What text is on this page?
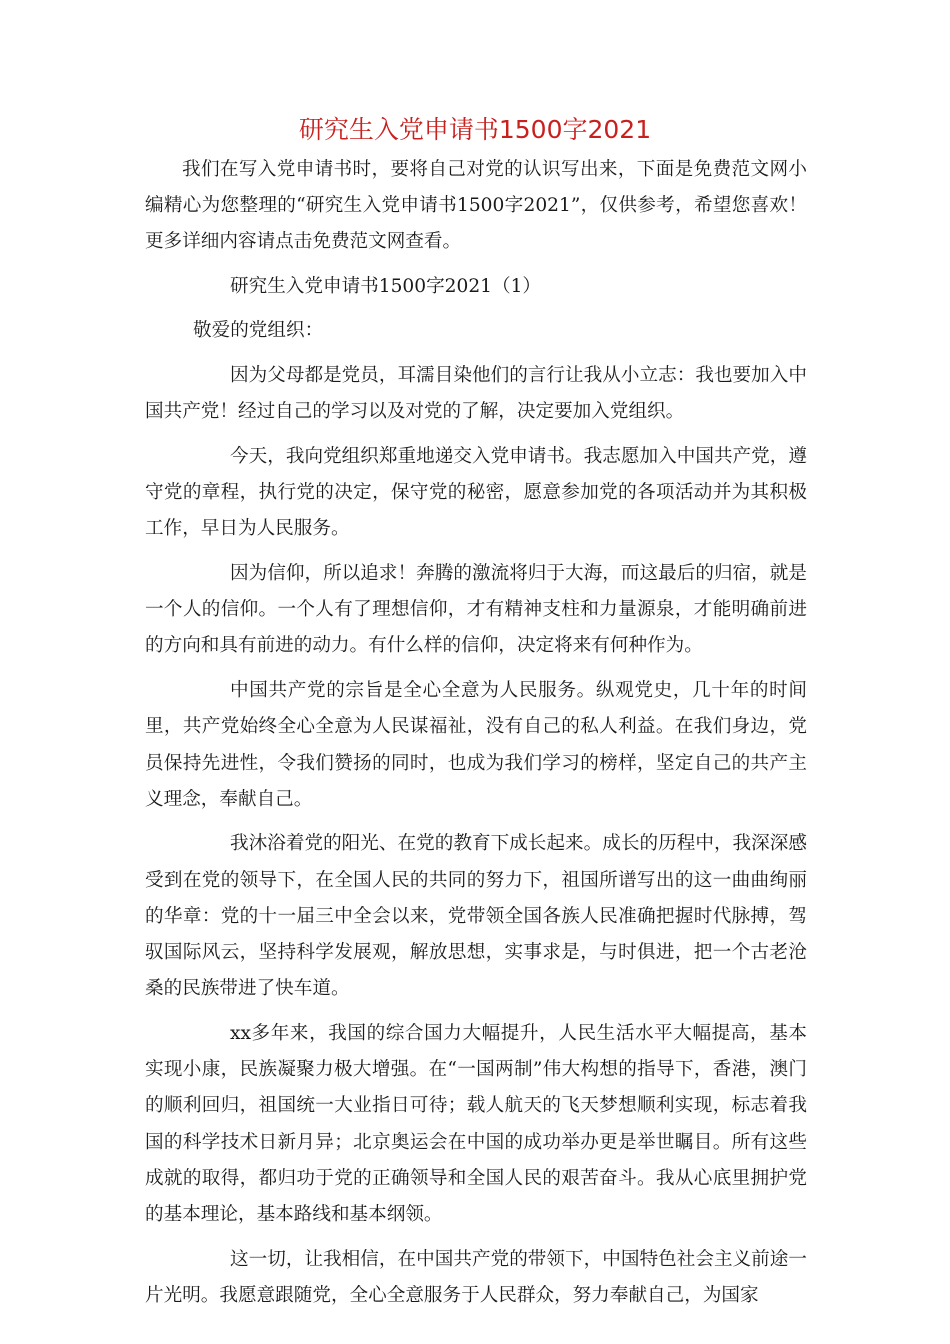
研究生入党申请书1500字2021

我们在写入党申请书时，要将自己对党的认识写出来，下面是免费范文网小编精心为您整理的“研究生入党申请书1500字2021”，仅供参考，希望您喜欢！更多详细内容请点击免费范文网查看。

研究生入党申请书1500字2021（1）

敬爱的党组织：

因为父母都是党员，耳濡目染他们的言行让我从小立志：我也要加入中国共产党！经过自己的学习以及对党的了解，决定要加入党组织。

今天，我向党组织郑重地递交入党申请书。我志愿加入中国共产党，遵守党的章程，执行党的决定，保守党的秘密，愿意参加党的各项活动并为其积极工作，早日为人民服务。

因为信仰，所以追求！奔腾的激流将归于大海，而这最后的归宿，就是一个人的信仰。一个人有了理想信仰，才有精神支柱和力量源泉，才能明确前进的方向和具有前进的动力。有什么样的信仰，决定将来有何种作为。

中国共产党的宗旨是全心全意为人民服务。纵观党史，几十年的时间里，共产党始终全心全意为人民谋福祉，没有自己的私人利益。在我们身边，党员保持先进性，令我们赞扬的同时，也成为我们学习的榜样，坚定自己的共产主义理念，奉献自己。

我沐浴着党的阳光、在党的教育下成长起来。成长的历程中，我深深感受到在党的领导下，在全国人民的共同的努力下，祖国所谱写出的这一曲曲绚丽的华章：党的十一届三中全会以来，党带领全国各族人民准确把握时代脉搏，驾驭国际风云，坚持科学发展观，解放思想，实事求是，与时俱进，把一个古老沧桑的民族带进了快车道。

xx多年来，我国的综合国力大幅提升，人民生活水平大幅提高，基本实现小康，民族凝聚力极大增强。在“一国两制”伟大构想的指导下，香港，澳门的顺利回归，祖国统一大业指日可待；载人航天的飞天梦想顺利实现，标志着我国的科学技术日新月异；北京奥运会在中国的成功举办更是举世瞩目。所有这些成就的取得，都归功于党的正确领导和全国人民的艰苦奋斗。我从心底里拥护党的基本理论，基本路线和基本纲领。

这一切，让我相信，在中国共产党的带领下，中国特色社会主义前途一片光明。我愿意跟随党，全心全意服务于人民群众，努力奉献自己，为国家
